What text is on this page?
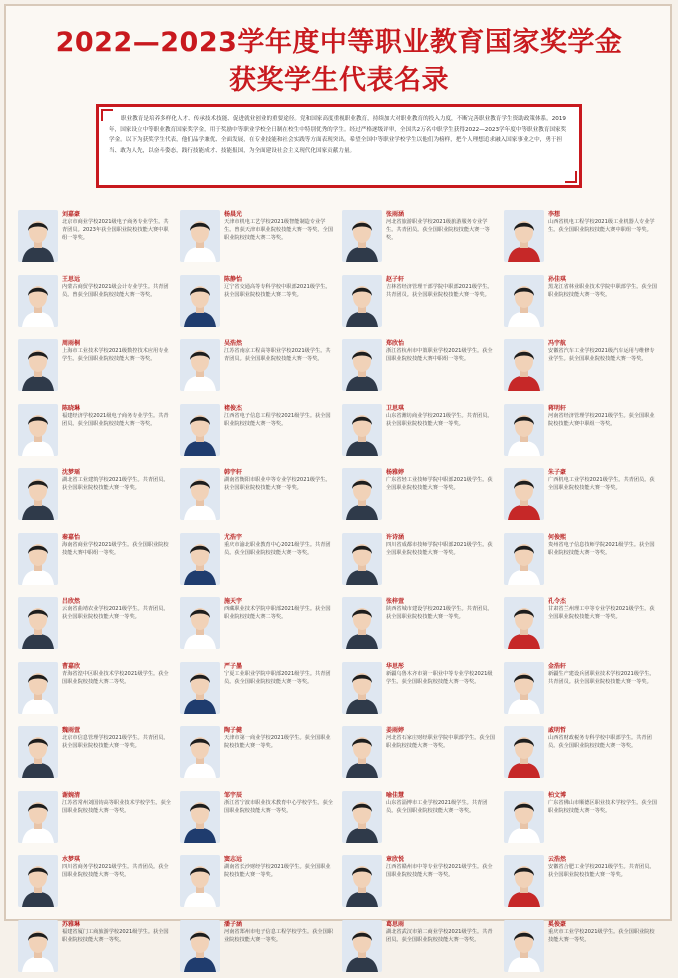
2022—2023学年度中等职业教育国家奖学金
获奖学生代表名录
职业教育是培养多样化人才、传承技术技能、促进就业创业的重要途径。党和国家高度重视职业教育，持续加大对职业教育的投入力度，不断完善职业教育学生资助政策体系。2019年，国家设立中等职业教育国家奖学金，用于奖励中等职业学校全日制在校生中特别优秀的学生。经过严格逐级评审，全国共2万名中职学生获得2022—2023学年度中等职业教育国家奖学金。以下为获奖学生代表，他们品学兼优、全面发展，在专业技能和社会实践等方面表现突出。希望全国中等职业学校学生以他们为榜样，把个人理想追求融入国家事业之中，勇于担当、敢为人先，以奋斗姿态，践行技能成才、技能报国，为全面建设社会主义现代化国家贡献力量。
刘嘉豪
北京市商业学校2021级电子商务专业学生。共青团员。2023年获全国职业院校技能大赛中职组一等奖。
杨晨光
天津市机电工艺学校2021级智能制造专业学生。曾获天津市职业院校技能大赛一等奖、全国职业院校技能大赛二等奖。
张雨涵
河北省旅游职业学校2021级旅游服务专业学生。共青团员。获全国职业院校技能大赛一等奖。
李想
山西省机电工程学校2021级工业机器人专业学生。获全国职业院校技能大赛中职组一等奖。
王思远
内蒙古商贸学校2021级会计专业学生。共青团员。曾获全国职业院校技能大赛一等奖。
陈静怡
辽宁省交通高等专科学校中职部2021级学生。获全国职业院校技能大赛二等奖。
赵子轩
吉林省经济管理干部学院中职部2021级学生。共青团员。获全国职业院校技能大赛一等奖。
孙佳琪
黑龙江省林业职业技术学院中职部学生。获全国职业院校技能大赛一等奖。
周雨桐
上海市工业技术学校2021级数控技术应用专业学生。获全国职业院校技能大赛一等奖。
吴浩然
江苏省南京工程高等职业学校2021级学生。共青团员。获全国职业院校技能大赛一等奖。
郑欣怡
浙江省杭州市中策职业学校2021级学生。获全国职业院校技能大赛中职组一等奖。
冯宇航
安徽省汽车工业学校2021级汽车运用与维修专业学生。获全国职业院校技能大赛一等奖。
陈晓琳
福建经济学校2021级电子商务专业学生。共青团员。获全国职业院校技能大赛一等奖。
褚俊杰
江西省电子信息工程学校2021级学生。获全国职业院校技能大赛一等奖。
卫思琪
山东省潍坊商业学校2021级学生。共青团员。获全国职业院校技能大赛一等奖。
蒋明轩
河南省经济管理学校2021级学生。获全国职业院校技能大赛中职组一等奖。
沈梦瑶
湖北省工业建筑学校2021级学生。共青团员。获全国职业院校技能大赛一等奖。
韩宇轩
湖南省衡阳市职业中等专业学校2021级学生。获全国职业院校技能大赛一等奖。
杨雅婷
广东省轻工业技师学院中职部2021级学生。获全国职业院校技能大赛一等奖。
朱子豪
广西机电工业学校2021级学生。共青团员。获全国职业院校技能大赛一等奖。
秦嘉怡
海南省商业学校2021级学生。获全国职业院校技能大赛中职组一等奖。
尤浩宇
重庆市渝北职业教育中心2021级学生。共青团员。获全国职业院校技能大赛一等奖。
许诗涵
四川省成都市技师学院中职部2021级学生。获全国职业院校技能大赛一等奖。
何俊熙
贵州省电子信息技师学院2021级学生。获全国职业院校技能大赛一等奖。
吕欣然
云南省曲靖农业学校2021级学生。共青团员。获全国职业院校技能大赛一等奖。
施天宇
西藏职业技术学院中职部2021级学生。获全国职业院校技能大赛二等奖。
张梓萱
陕西省城市建设学校2021级学生。共青团员。获全国职业院校技能大赛一等奖。
孔令杰
甘肃省兰州理工中等专业学校2021级学生。获全国职业院校技能大赛一等奖。
曹嘉欣
青海省湟中区职业技术学校2021级学生。获全国职业院校技能大赛二等奖。
严子墨
宁夏工业职业学院中职部2021级学生。共青团员。获全国职业院校技能大赛一等奖。
华思彤
新疆乌鲁木齐市第一职业中等专业学校2021级学生。获全国职业院校技能大赛一等奖。
金浩轩
新疆生产建设兵团职业技术学校2021级学生。共青团员。获全国职业院校技能大赛一等奖。
魏雨萱
北京市信息管理学校2021级学生。共青团员。获全国职业院校技能大赛一等奖。
陶子健
天津市第一商业学校2021级学生。获全国职业院校技能大赛一等奖。
姜雨婷
河北省石家庄财经职业学院中职部学生。获全国职业院校技能大赛一等奖。
戚明哲
山西省财政税务专科学校中职部学生。共青团员。获全国职业院校技能大赛一等奖。
谢婉清
江苏省常州刘国钧高等职业技术学校学生。获全国职业院校技能大赛一等奖。
邹宇辰
浙江省宁波市职业技术教育中心学校学生。获全国职业院校技能大赛一等奖。
喻佳慧
山东省淄博市工业学校2021级学生。共青团员。获全国职业院校技能大赛一等奖。
柏文博
广东省佛山市顺德区职业技术学校学生。获全国职业院校技能大赛一等奖。
水梦琪
四川省商务学校2021级学生。共青团员。获全国职业院校技能大赛一等奖。
窦志远
湖南省长沙财经学校2021级学生。获全国职业院校技能大赛一等奖。
章欣悦
江西省赣州市中等专业学校2021级学生。获全国职业院校技能大赛一等奖。
云浩然
安徽省合肥工业学校2021级学生。共青团员。获全国职业院校技能大赛一等奖。
苏雅琳
福建省厦门工商旅游学校2021级学生。获全国职业院校技能大赛一等奖。
潘子涵
河南省郑州市电子信息工程学校学生。获全国职业院校技能大赛一等奖。
葛思雨
湖北省武汉市第二商业学校2021级学生。共青团员。获全国职业院校技能大赛一等奖。
奚俊豪
重庆市工业学校2021级学生。获全国职业院校技能大赛一等奖。
